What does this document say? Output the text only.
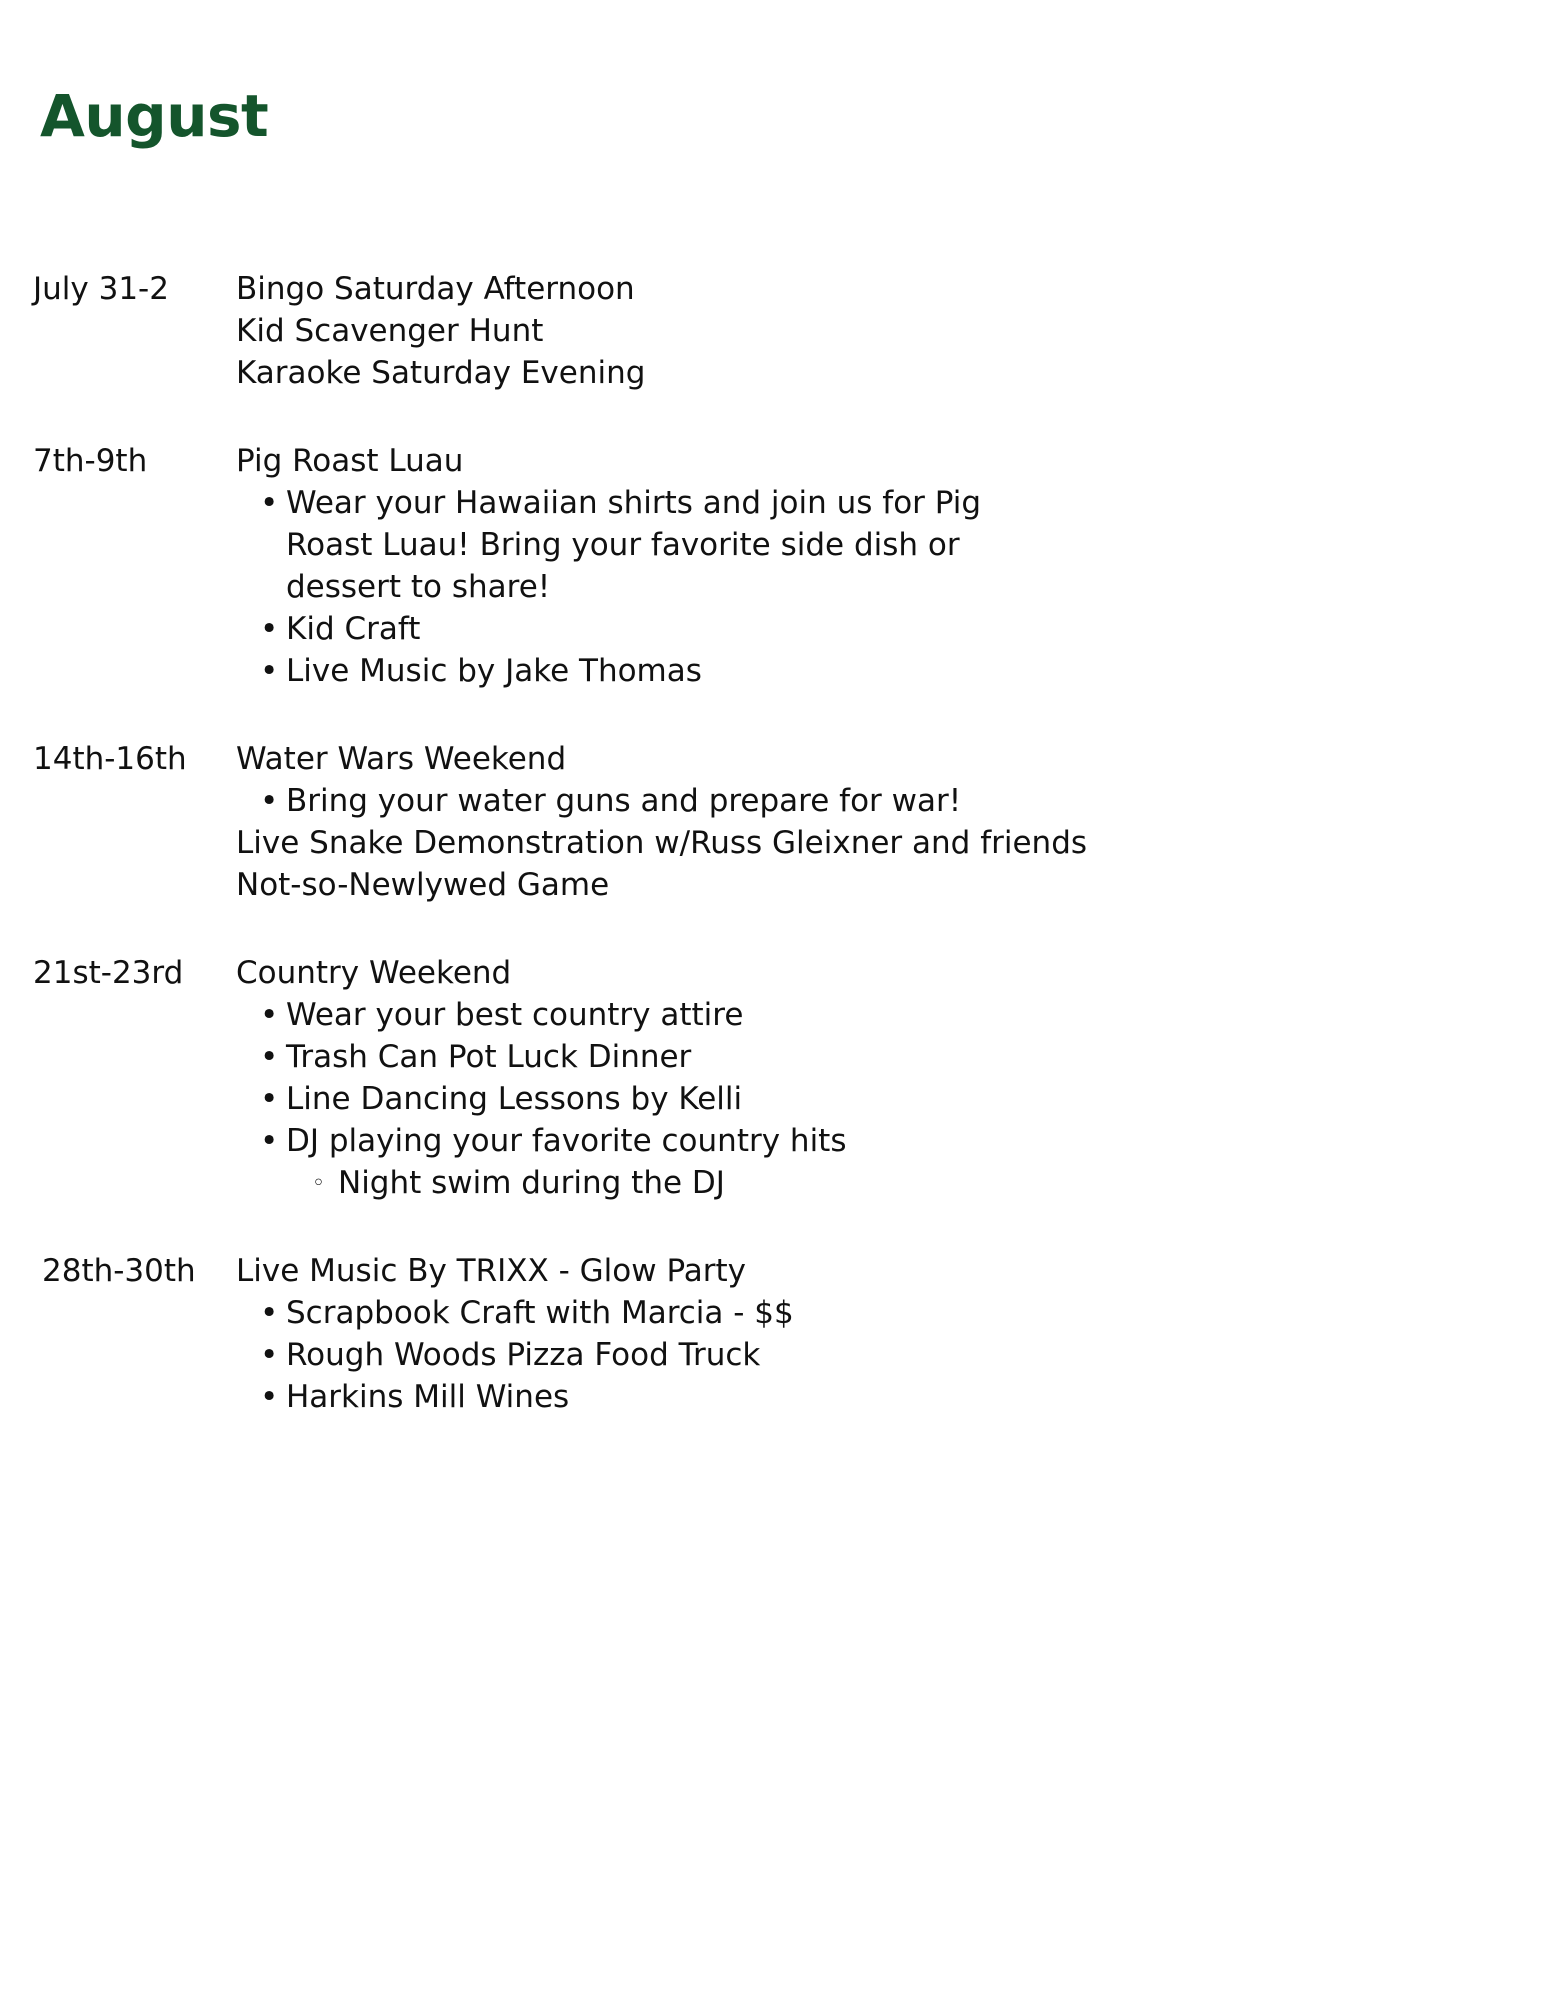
August
July 31-2	Bingo Saturday Afternoon
Kid Scavenger Hunt
Karaoke Saturday Evening
7th-9th	Pig Roast Luau
• Wear your Hawaiian shirts and join us for Pig Roast Luau! Bring your favorite side dish or dessert to share!
• Kid Craft
• Live Music by Jake Thomas
14th-16th	Water Wars Weekend
• Bring your water guns and prepare for war!
Live Snake Demonstration w/Russ Gleixner and friends
Not-so-Newlywed Game
21st-23rd	Country Weekend
• Wear your best country attire
• Trash Can Pot Luck Dinner
• Line Dancing Lessons by Kelli
• DJ playing your favorite country hits
◦ Night swim during the DJ
28th-30th	Live Music By TRIXX - Glow Party
• Scrapbook Craft with Marcia - $$
• Rough Woods Pizza Food Truck
• Harkins Mill Wines
